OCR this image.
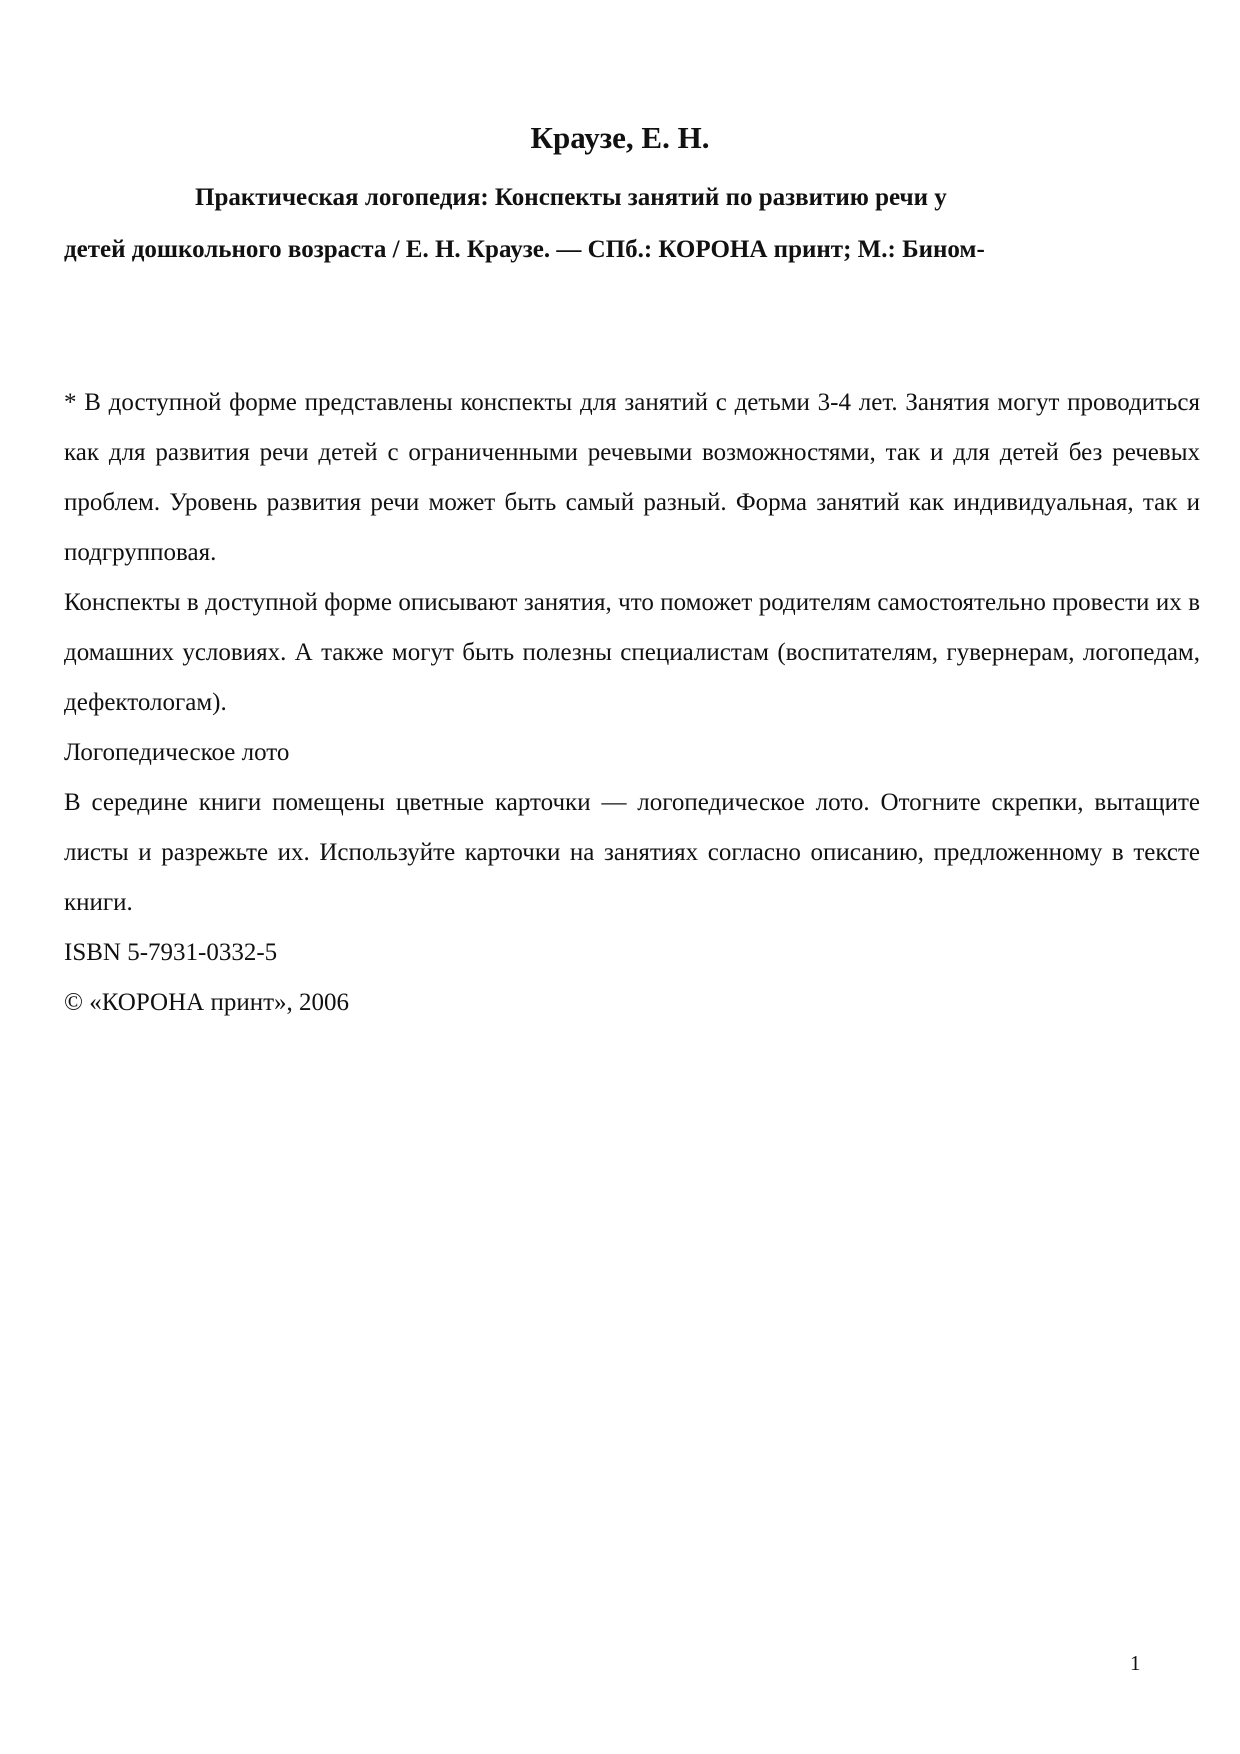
Краузе, Е. Н.
Практическая логопедия: Конспекты занятий по развитию речи у
детей дошкольного возраста / Е. Н. Краузе. — СПб.: КОРОНА принт; М.: Бином-

* В доступной форме представлены конспекты для занятий с детьми 3-4 лет. Занятия могут проводиться как для развития речи детей с ограниченными речевыми возможностями, так и для детей без речевых проблем. Уровень развития речи может быть самый разный. Форма занятий как индивидуальная, так и подгрупповая.

Конспекты в доступной форме описывают занятия, что поможет родителям самостоятельно провести их в домашних условиях. А также могут быть полезны специалистам (воспитателям, гувернерам, логопедам, дефектологам).

Логопедическое лото

В середине книги помещены цветные карточки — логопедическое лото. Отогните скрепки, вытащите листы и разрежьте их. Используйте карточки на занятиях согласно описанию, предложенному в тексте книги.

ISBN 5-7931-0332-5

© «КОРОНА принт», 2006

1
